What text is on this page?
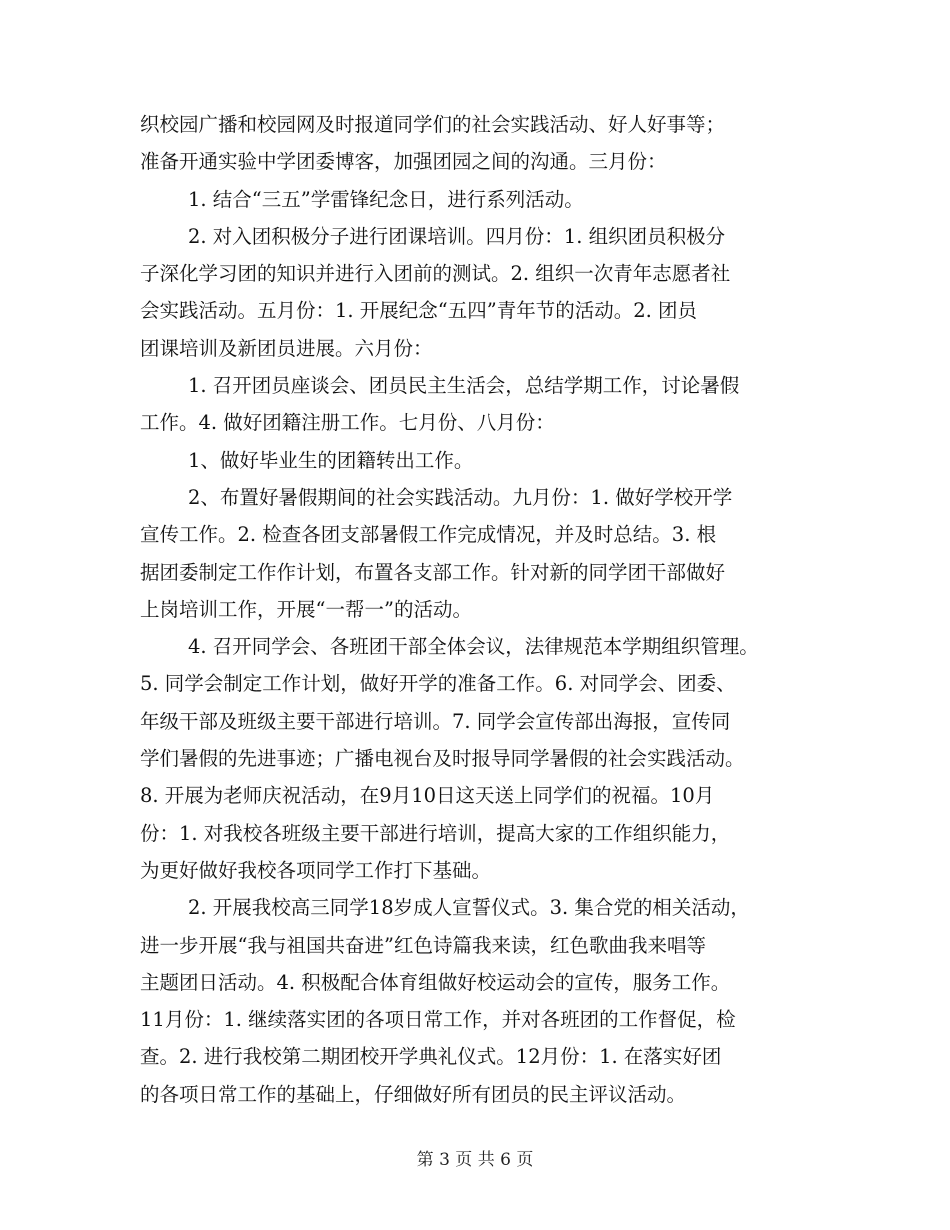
织校园广播和校园网及时报道同学们的社会实践活动、好人好事等；
准备开通实验中学团委博客，加强团园之间的沟通。三月份：
1. 结合“三五”学雷锋纪念日，进行系列活动。
2. 对入团积极分子进行团课培训。四月份：1. 组织团员积极分
子深化学习团的知识并进行入团前的测试。2. 组织一次青年志愿者社
会实践活动。五月份：1. 开展纪念“五四”青年节的活动。2. 团员
团课培训及新团员进展。六月份：
1. 召开团员座谈会、团员民主生活会，总结学期工作，讨论暑假
工作。4. 做好团籍注册工作。七月份、八月份：
1、做好毕业生的团籍转出工作。
2、布置好暑假期间的社会实践活动。九月份：1. 做好学校开学
宣传工作。2. 检查各团支部暑假工作完成情况，并及时总结。3. 根
据团委制定工作作计划，布置各支部工作。针对新的同学团干部做好
上岗培训工作，开展“一帮一”的活动。
4. 召开同学会、各班团干部全体会议，法律规范本学期组织管理。
5. 同学会制定工作计划，做好开学的准备工作。6. 对同学会、团委、
年级干部及班级主要干部进行培训。7. 同学会宣传部出海报，宣传同
学们暑假的先进事迹；广播电视台及时报导同学暑假的社会实践活动。
8. 开展为老师庆祝活动，在9月10日这天送上同学们的祝福。10月
份：1. 对我校各班级主要干部进行培训，提高大家的工作组织能力，
为更好做好我校各项同学工作打下基础。
2. 开展我校高三同学18岁成人宣誓仪式。3. 集合党的相关活动，
进一步开展“我与祖国共奋进”红色诗篇我来读，红色歌曲我来唱等
主题团日活动。4. 积极配合体育组做好校运动会的宣传，服务工作。
11月份：1. 继续落实团的各项日常工作，并对各班团的工作督促，检
查。2. 进行我校第二期团校开学典礼仪式。12月份：1. 在落实好团
的各项日常工作的基础上，仔细做好所有团员的民主评议活动。
第 3 页 共 6 页
